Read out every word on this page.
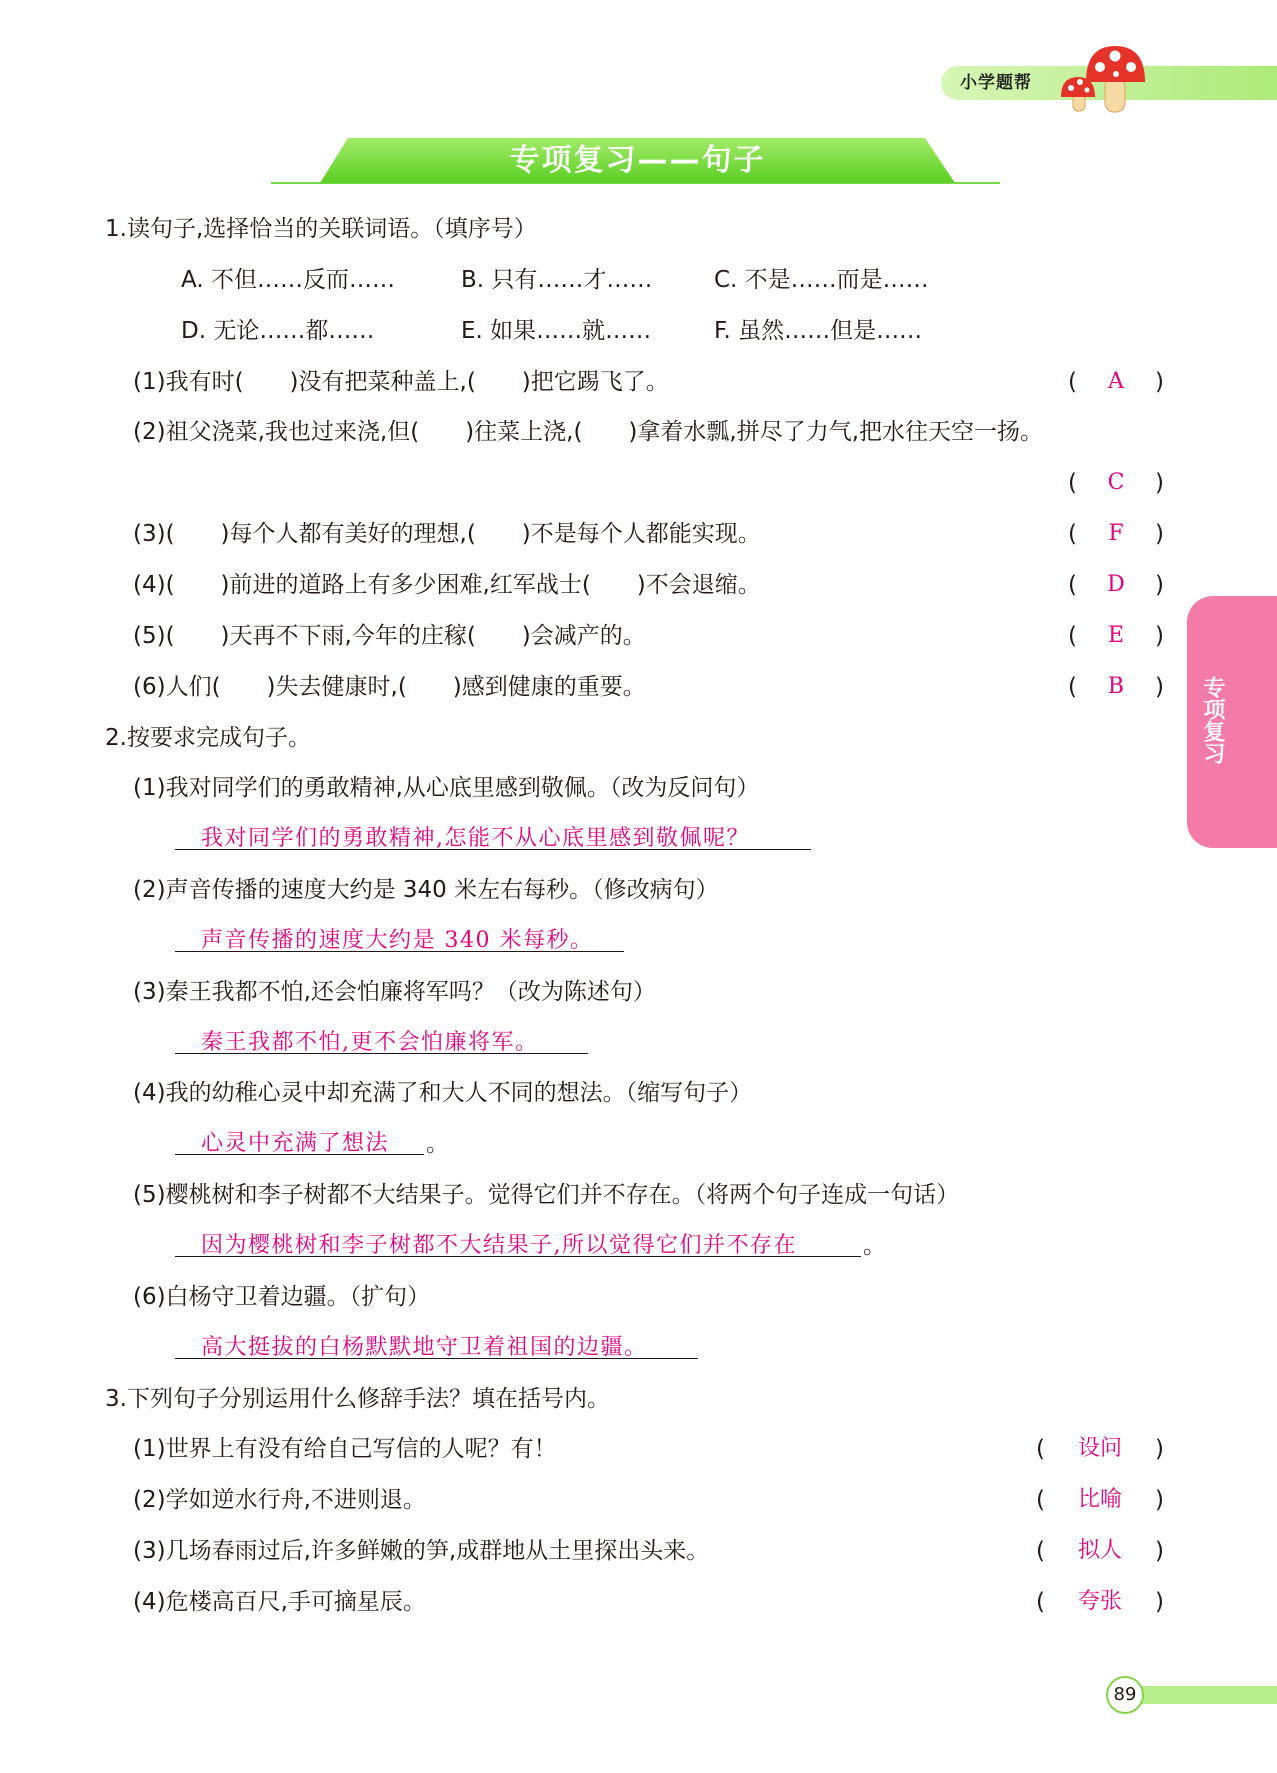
小学题帮
专项复习——句子
专项复习
1.读句子,选择恰当的关联词语。（填序号）
A. 不但……反而……	B. 只有……才……	C. 不是……而是……
D. 无论……都……	E. 如果……就……	F. 虽然……但是……
(1)我有时(　　)没有把菜种盖上,(　　)把它踢飞了。	( A )
(2)祖父浇菜,我也过来浇,但(　　)往菜上浇,(　　)拿着水瓢,拼尽了力气,把水往天空一扬。
( C )
(3)(　　)每个人都有美好的理想,(　　)不是每个人都能实现。	( F )
(4)(　　)前进的道路上有多少困难,红军战士(　　)不会退缩。	( D )
(5)(　　)天再不下雨,今年的庄稼(　　)会减产的。	( E )
(6)人们(　　)失去健康时,(　　)感到健康的重要。	( B )
2.按要求完成句子。
(1)我对同学们的勇敢精神,从心底里感到敬佩。（改为反问句）
我对同学们的勇敢精神,怎能不从心底里感到敬佩呢？
(2)声音传播的速度大约是 340 米左右每秒。（修改病句）
声音传播的速度大约是 340 米每秒。
(3)秦王我都不怕,还会怕廉将军吗？（改为陈述句）
秦王我都不怕,更不会怕廉将军。
(4)我的幼稚心灵中却充满了和大人不同的想法。（缩写句子）
心灵中充满了想法	。
(5)樱桃树和李子树都不大结果子。觉得它们并不存在。（将两个句子连成一句话）
因为樱桃树和李子树都不大结果子,所以觉得它们并不存在	。
(6)白杨守卫着边疆。（扩句）
高大挺拔的白杨默默地守卫着祖国的边疆。
3.下列句子分别运用什么修辞手法？填在括号内。
(1)世界上有没有给自己写信的人呢？有！	( 设问 )
(2)学如逆水行舟,不进则退。	( 比喻 )
(3)几场春雨过后,许多鲜嫩的笋,成群地从土里探出头来。	( 拟人 )
(4)危楼高百尺,手可摘星辰。	( 夸张 )
89
